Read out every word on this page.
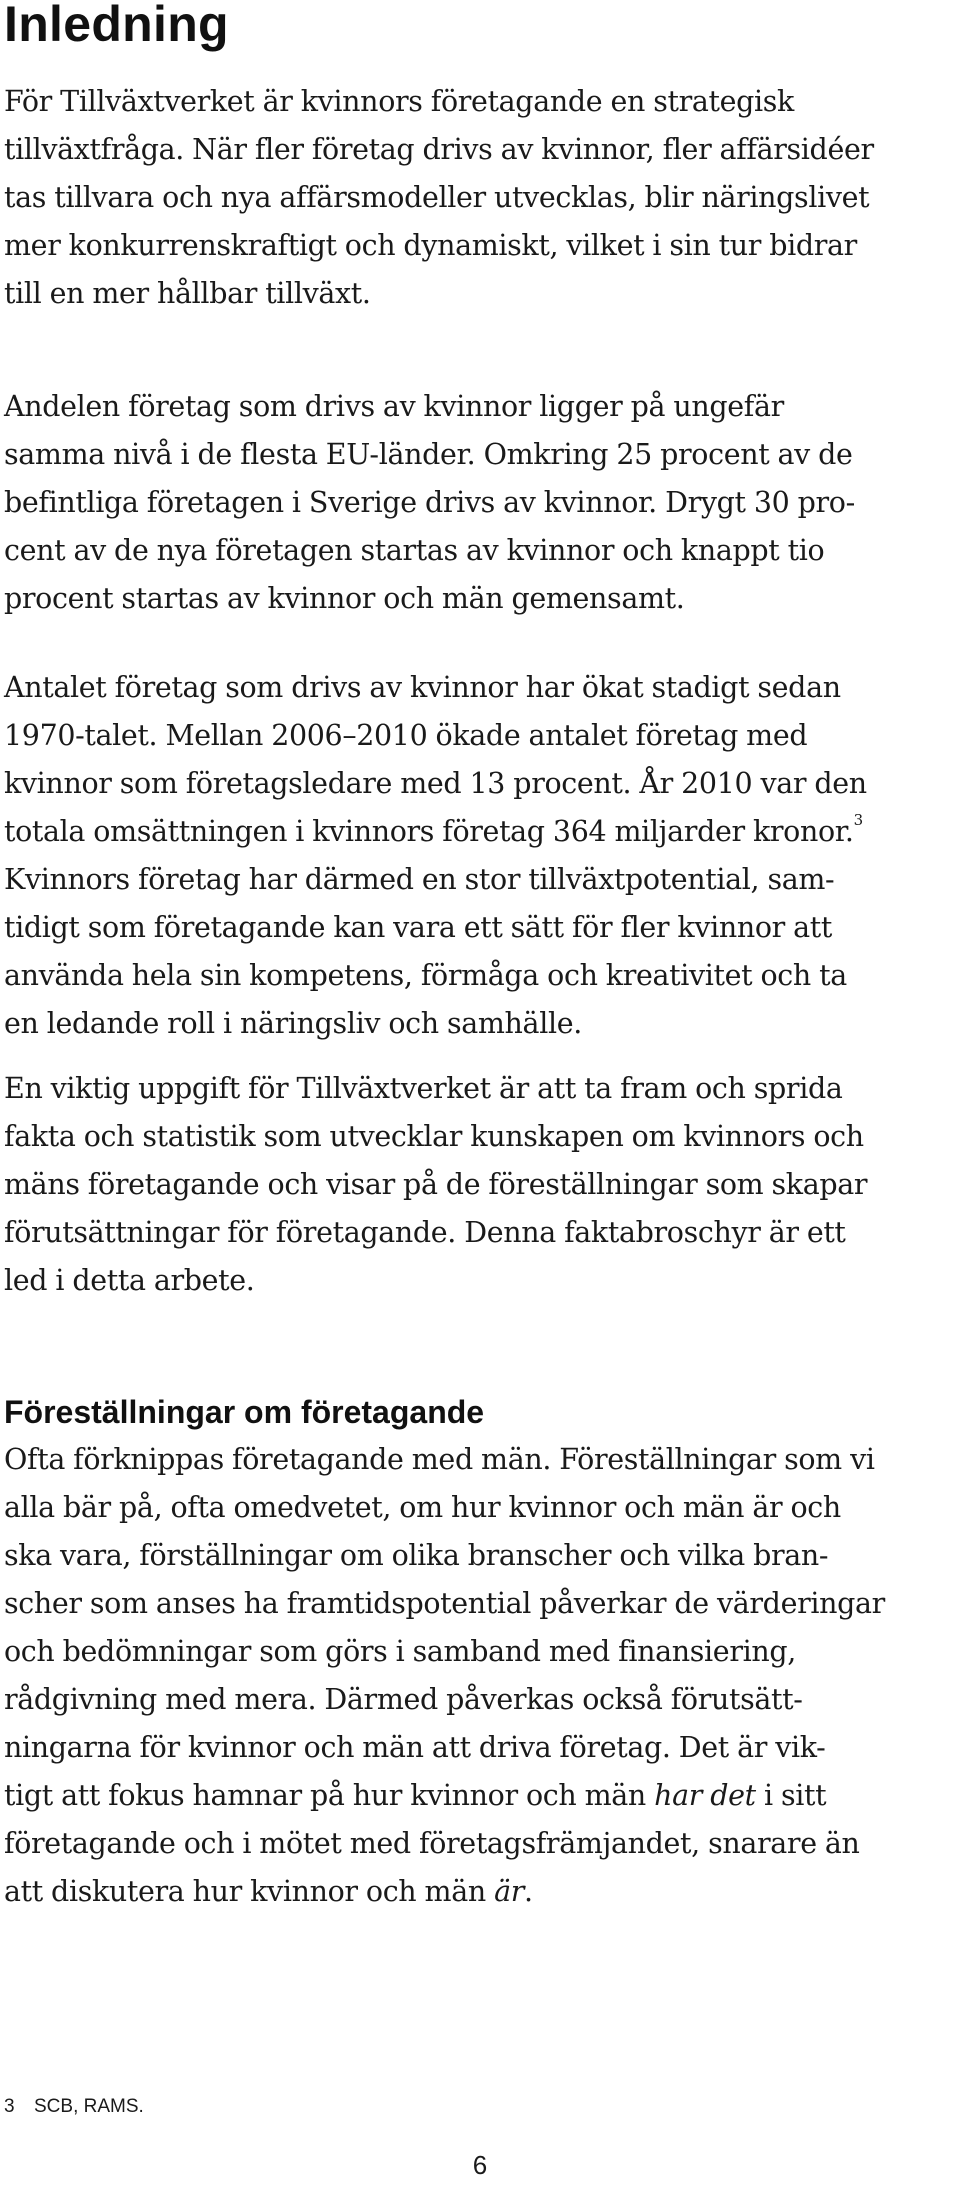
Inledning

För Tillväxtverket är kvinnors företagande en strategisk
tillväxtfråga. När fler företag drivs av kvinnor, fler affärsidéer
tas tillvara och nya affärsmodeller utvecklas, blir näringslivet
mer konkurrenskraftigt och dynamiskt, vilket i sin tur bidrar
till en mer hållbar tillväxt.

Andelen företag som drivs av kvinnor ligger på ungefär
samma nivå i de flesta EU-länder. Omkring 25 procent av de
befintliga företagen i Sverige drivs av kvinnor. Drygt 30 pro-
cent av de nya företagen startas av kvinnor och knappt tio
procent startas av kvinnor och män gemensamt.

Antalet företag som drivs av kvinnor har ökat stadigt sedan
1970-talet. Mellan 2006–2010 ökade antalet företag med
kvinnor som företagsledare med 13 procent. År 2010 var den
totala omsättningen i kvinnors företag 364 miljarder kronor.$^3$
Kvinnors företag har därmed en stor tillväxtpotential, sam-
tidigt som företagande kan vara ett sätt för fler kvinnor att
använda hela sin kompetens, förmåga och kreativitet och ta
en ledande roll i näringsliv och samhälle.

En viktig uppgift för Tillväxtverket är att ta fram och sprida
fakta och statistik som utvecklar kunskapen om kvinnors och
mäns företagande och visar på de föreställningar som skapar
förutsättningar för företagande. Denna faktabroschyr är ett
led i detta arbete.

Föreställningar om företagande

Ofta förknippas företagande med män. Föreställningar som vi
alla bär på, ofta omedvetet, om hur kvinnor och män är och
ska vara, förställningar om olika branscher och vilka bran-
scher som anses ha framtidspotential påverkar de värderingar
och bedömningar som görs i samband med finansiering,
rådgivning med mera. Därmed påverkas också förutsätt-
ningarna för kvinnor och män att driva företag. Det är vik-
tigt att fokus hamnar på hur kvinnor och män har det i sitt
företagande och i mötet med företagsfrämjandet, snarare än
att diskutera hur kvinnor och män är.

3 SCB, RAMS.
6
